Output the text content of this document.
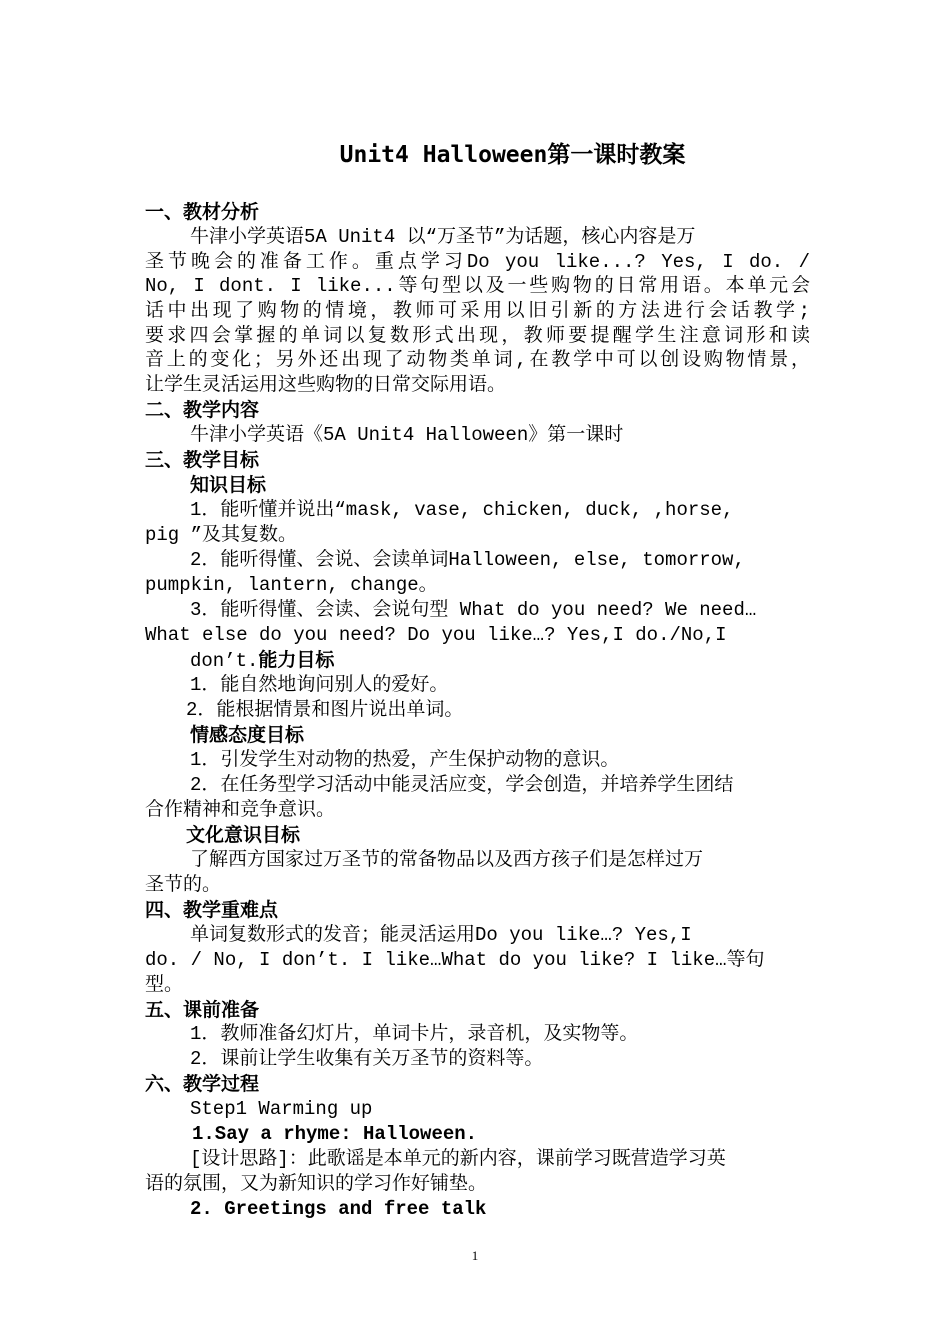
Unit4 Halloween第一课时教案
一、教材分析
牛津小学英语5A Unit4 以“万圣节”为话题，核心内容是万
圣节晚会的准备工作。重点学习Do you like...? Yes, I do. /
No, I dont. I like...等句型以及一些购物的日常用语。本单元会
话中出现了购物的情境，教师可采用以旧引新的方法进行会话教学;
要求四会掌握的单词以复数形式出现，教师要提醒学生注意词形和读
音上的变化；另外还出现了动物类单词,在教学中可以创设购物情景，
让学生灵活运用这些购物的日常交际用语。
二、教学内容
牛津小学英语《5A Unit4 Halloween》第一课时
三、教学目标
知识目标
1．能听懂并说出“mask, vase, chicken, duck, ,horse,
pig ”及其复数。
2．能听得懂、会说、会读单词Halloween, else, tomorrow,
pumpkin, lantern, change。
3．能听得懂、会读、会说句型 What do you need? We need…
What else do you need? Do you like…? Yes,I do./No,I
don’t.能力目标
1．能自然地询问别人的爱好。
2．能根据情景和图片说出单词。
情感态度目标
1．引发学生对动物的热爱，产生保护动物的意识。
2．在任务型学习活动中能灵活应变，学会创造，并培养学生团结
合作精神和竞争意识。
文化意识目标
了解西方国家过万圣节的常备物品以及西方孩子们是怎样过万
圣节的。
四、教学重难点
单词复数形式的发音；能灵活运用Do you like…? Yes,I
do. / No, I don’t. I like…What do you like? I like…等句
型。
五、课前准备
1．教师准备幻灯片，单词卡片，录音机，及实物等。
2．课前让学生收集有关万圣节的资料等。
六、教学过程
Step1 Warming up
1.Say a rhyme: Halloween.
[设计思路]：此歌谣是本单元的新内容，课前学习既营造学习英
语的氛围，又为新知识的学习作好铺垫。
2. Greetings and free talk
1
